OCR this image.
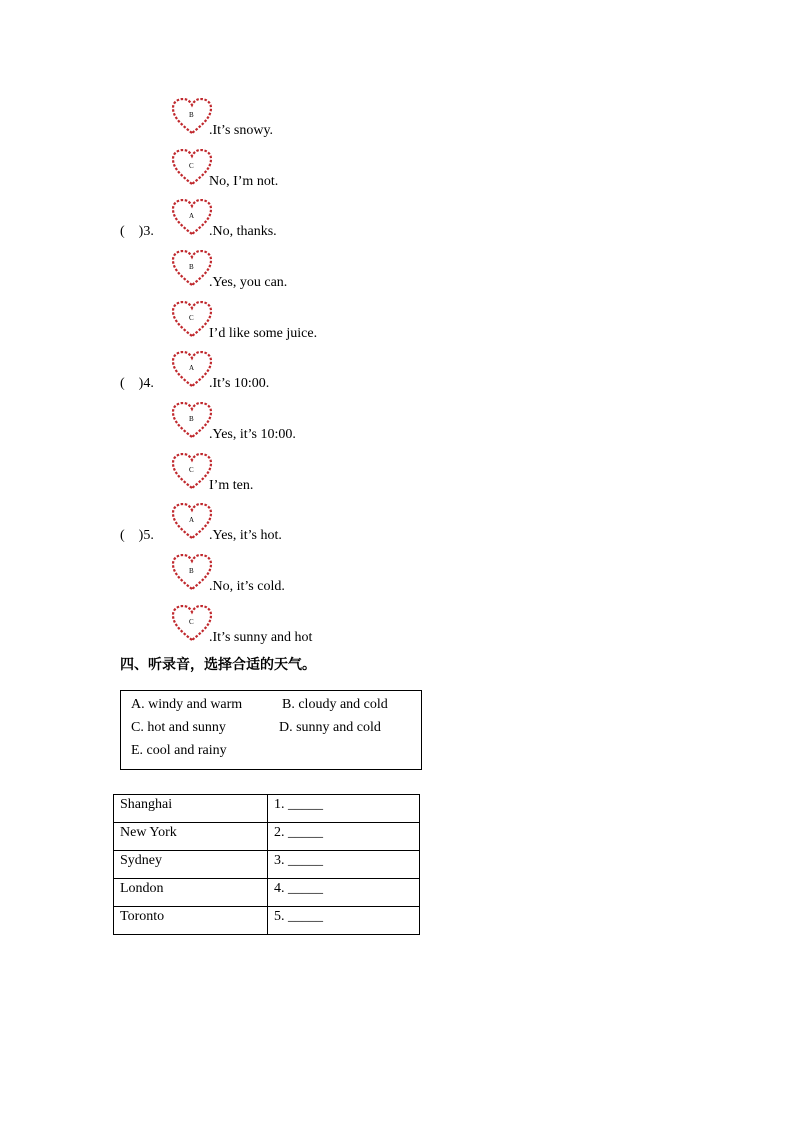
B
.It’s snowy.
C
No, I’m not.
(    )3.
A
.No, thanks.
B
.Yes, you can.
C
I’d like some juice.
(    )4.
A
.It’s 10:00.
B
.Yes, it’s 10:00.
C
I’m ten.
(    )5.
A
.Yes, it’s hot.
B
.No, it’s cold.
C
.It’s sunny and hot
四、听录音，选择合适的天气。
A. windy and warm	B. cloudy and cold
C. hot and sunny	D. sunny and cold
E. cool and rainy
Shanghai	1. _____
New York	2. _____
Sydney	3. _____
London	4. _____
Toronto	5. _____
